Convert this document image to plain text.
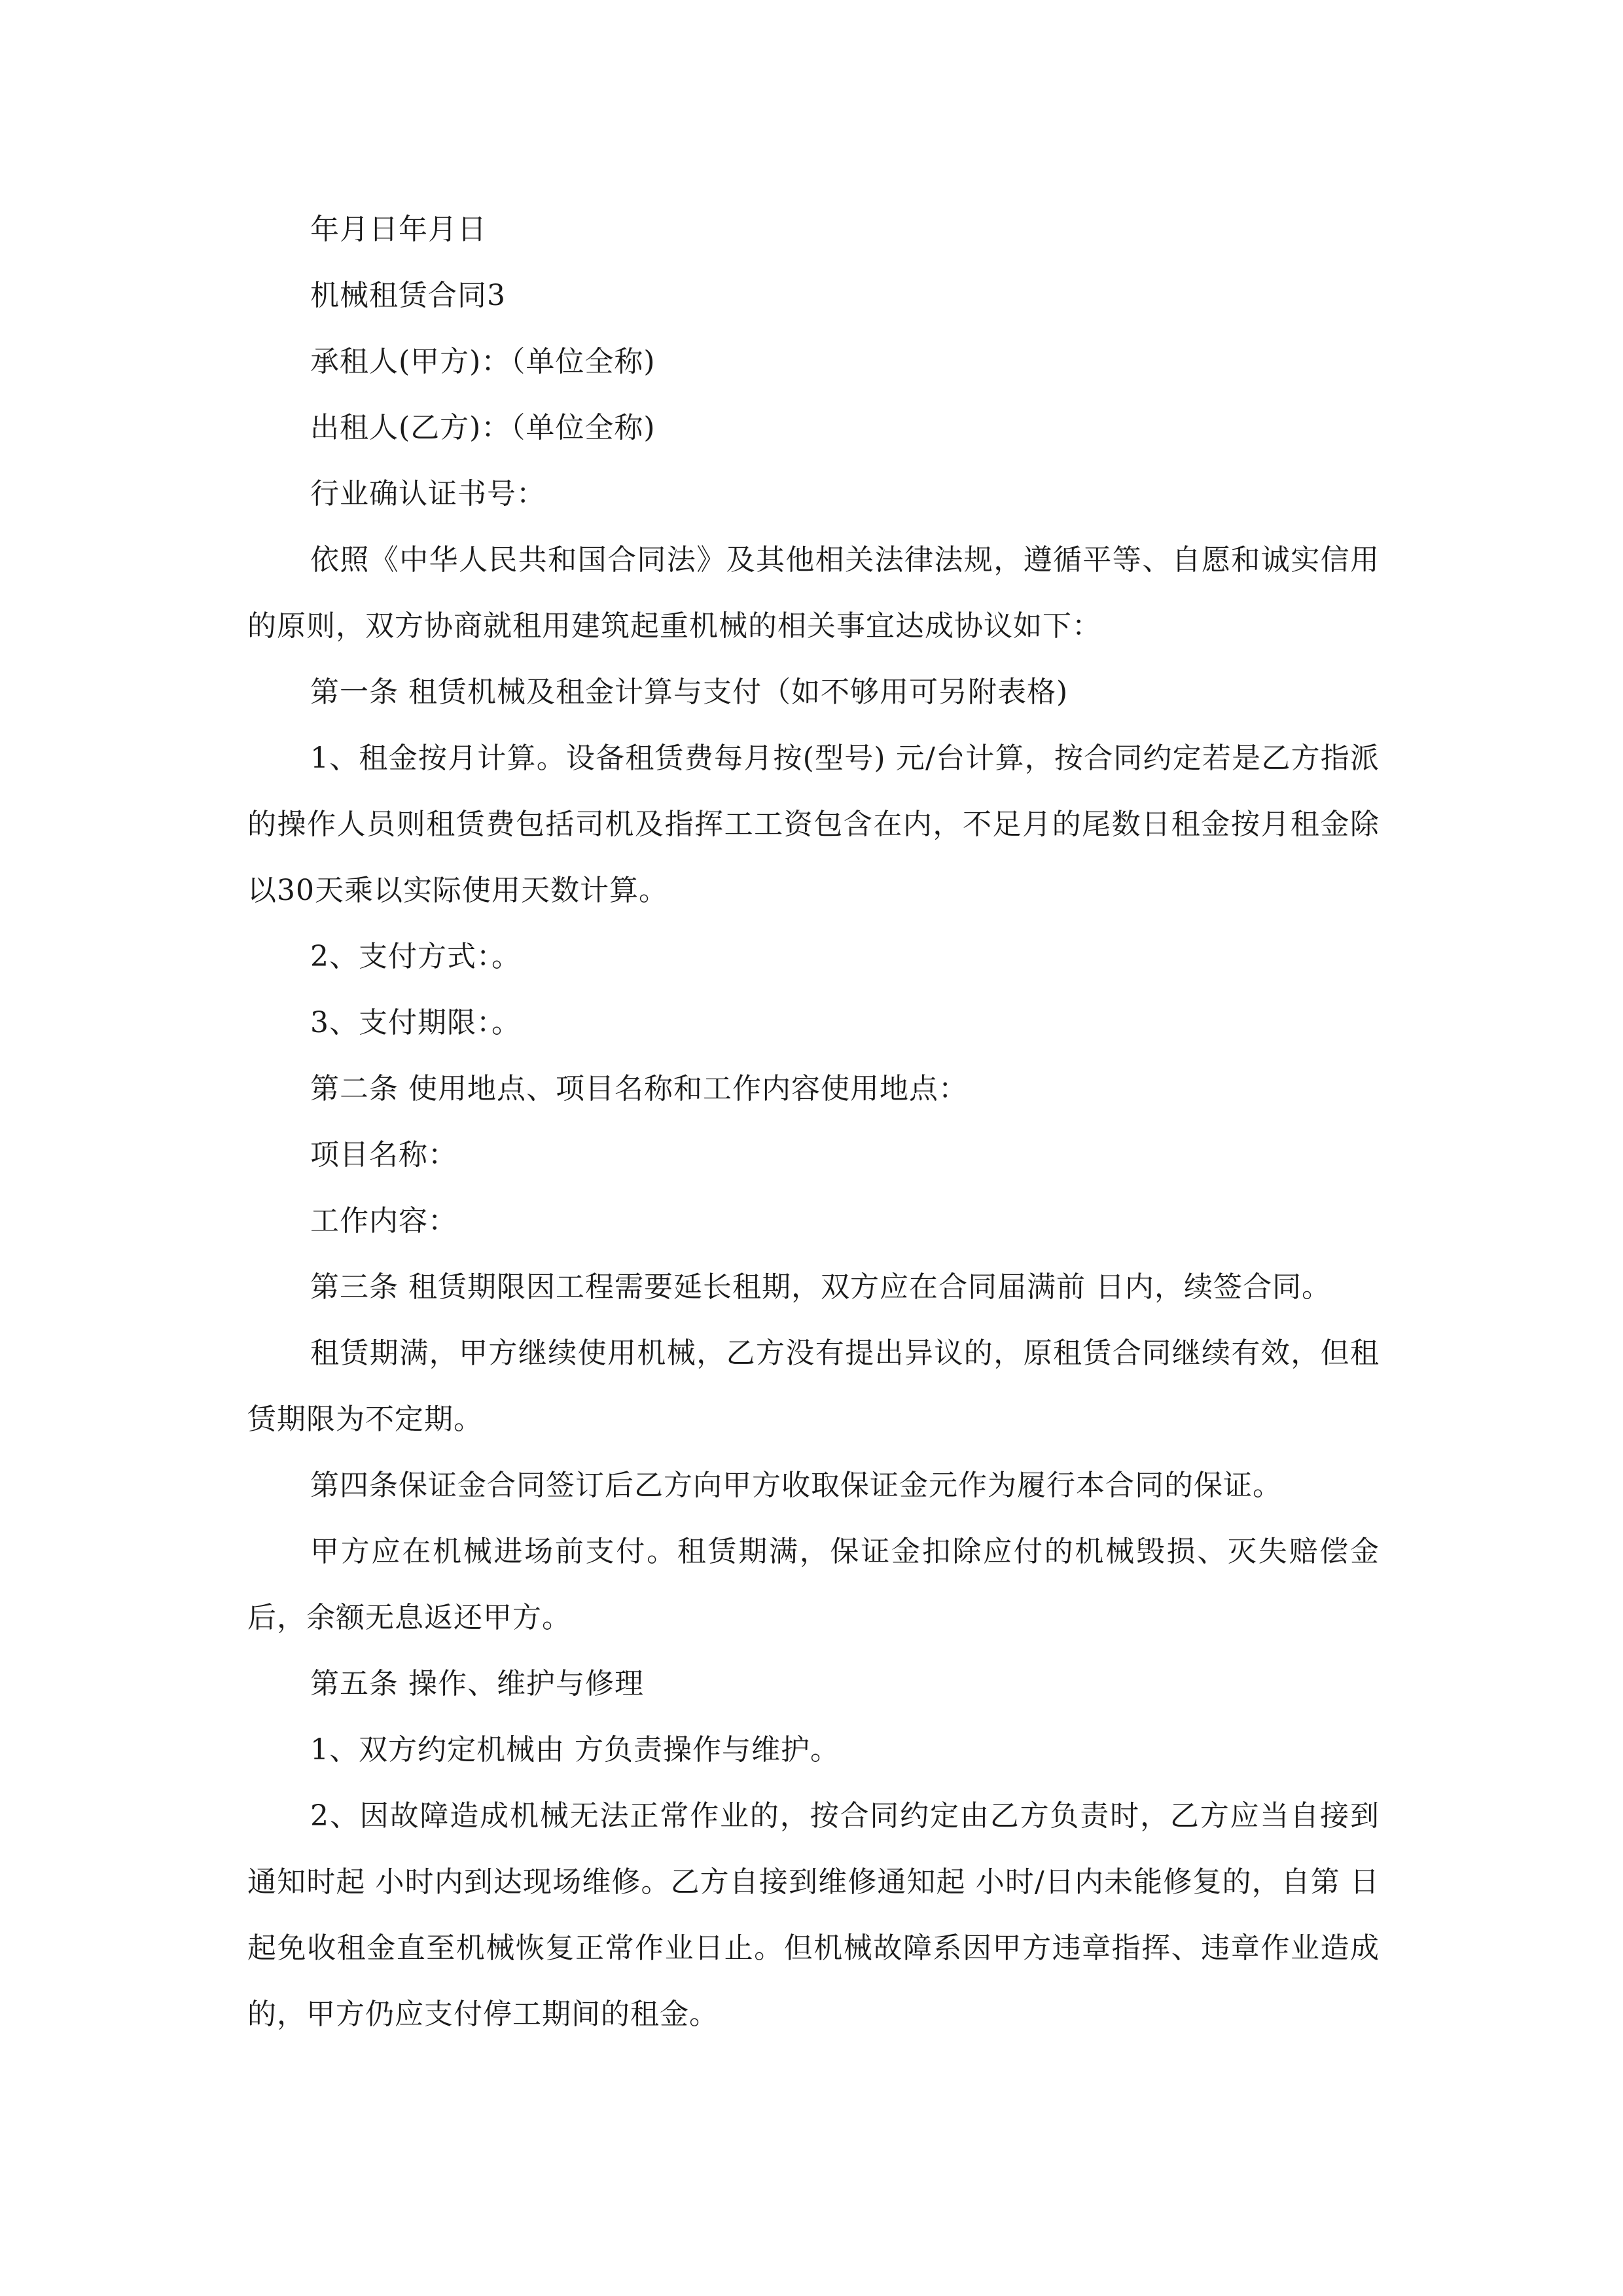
年月日年月日

机械租赁合同3

承租人(甲方)：（单位全称)

出租人(乙方)：（单位全称)

行业确认证书号：

依照《中华人民共和国合同法》及其他相关法律法规，遵循平等、自愿和诚实信用的原则，双方协商就租用建筑起重机械的相关事宜达成协议如下：

第一条 租赁机械及租金计算与支付（如不够用可另附表格)

1、租金按月计算。设备租赁费每月按(型号) 元/台计算，按合同约定若是乙方指派的操作人员则租赁费包括司机及指挥工工资包含在内，不足月的尾数日租金按月租金除以30天乘以实际使用天数计算。

2、支付方式：。

3、支付期限：。

第二条 使用地点、项目名称和工作内容使用地点：

项目名称：

工作内容：

第三条 租赁期限因工程需要延长租期，双方应在合同届满前 日内，续签合同。

租赁期满，甲方继续使用机械，乙方没有提出异议的，原租赁合同继续有效，但租赁期限为不定期。

第四条保证金合同签订后乙方向甲方收取保证金元作为履行本合同的保证。

甲方应在机械进场前支付。租赁期满，保证金扣除应付的机械毁损、灭失赔偿金后，余额无息返还甲方。

第五条 操作、维护与修理

1、双方约定机械由 方负责操作与维护。

2、因故障造成机械无法正常作业的，按合同约定由乙方负责时，乙方应当自接到通知时起 小时内到达现场维修。乙方自接到维修通知起 小时/日内未能修复的，自第 日起免收租金直至机械恢复正常作业日止。但机械故障系因甲方违章指挥、违章作业造成的，甲方仍应支付停工期间的租金。
